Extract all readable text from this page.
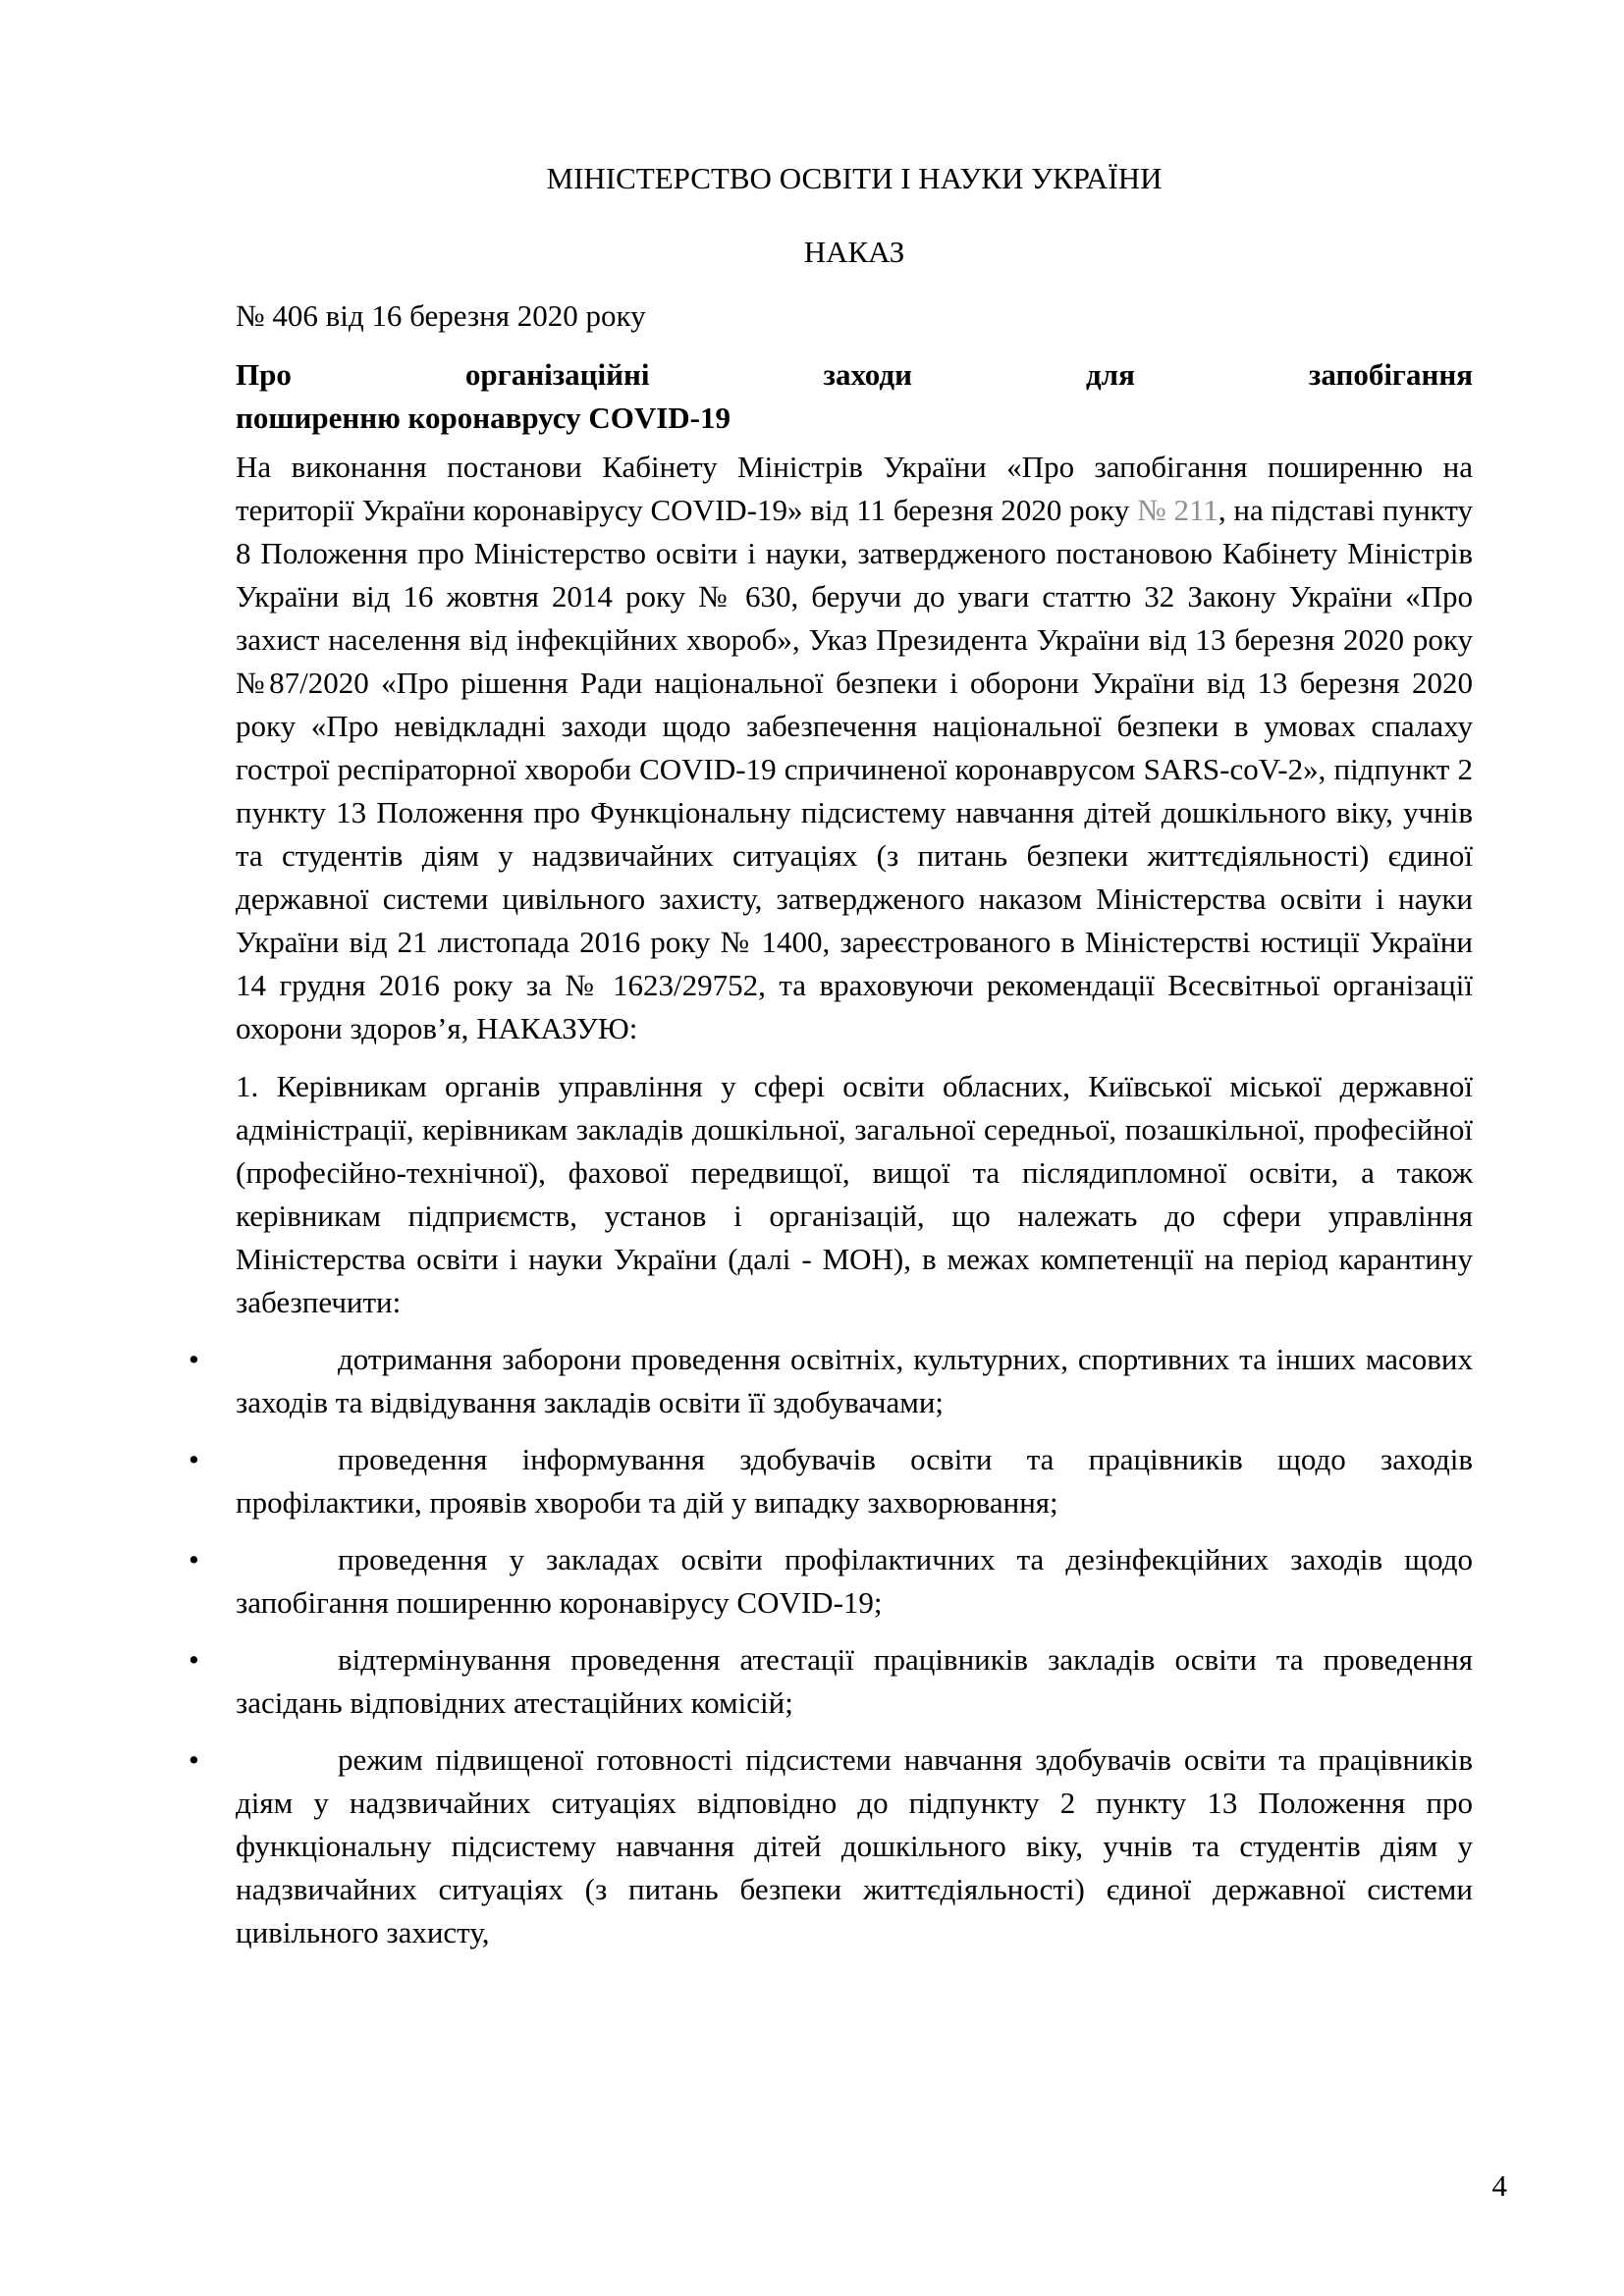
МІНІСТЕРСТВО ОСВІТИ І НАУКИ УКРАЇНИ
НАКАЗ
№ 406 від 16 березня 2020 року
Про організаційні заходи для запобігання
поширенню коронаврусу COVID-19

На виконання постанови Кабінету Міністрів України «Про запобігання поширенню на території України коронавірусу COVID-19» від 11 березня 2020 року № 211, на підставі пункту 8 Положення про Міністерство освіти і науки, затвердженого постановою Кабінету Міністрів України від 16 жовтня 2014 року № 630, беручи до уваги статтю 32 Закону України «Про захист населення від інфекційних хвороб», Указ Президента України від 13 березня 2020 року №87/2020 «Про рішення Ради національної безпеки і оборони України від 13 березня 2020 року «Про невідкладні заходи щодо забезпечення національної безпеки в умовах спалаху гострої респіраторної хвороби COVID-19 спричиненої коронаврусом SARS-coV-2», підпункт 2 пункту 13 Положення про Функціональну підсистему навчання дітей дошкільного віку, учнів та студентів діям у надзвичайних ситуаціях (з питань безпеки життєдіяльності) єдиної державної системи цивільного захисту, затвердженого наказом Міністерства освіти і науки України від 21 листопада 2016 року № 1400, зареєстрованого в Міністерстві юстиції України 14 грудня 2016 року за № 1623/29752, та враховуючи рекомендації Всесвітньої організації охорони здоров’я, НАКАЗУЮ:

1. Керівникам органів управління у сфері освіти обласних, Київської міської державної адміністрації, керівникам закладів дошкільної, загальної середньої, позашкільної, професійної (професійно-технічної), фахової передвищої, вищої та післядипломної освіти, а також керівникам підприємств, установ і організацій, що належать до сфери управління Міністерства освіти і науки України (далі - МОН), в межах компетенції на період карантину забезпечити:

• дотримання заборони проведення освітніх, культурних, спортивних та інших масових заходів та відвідування закладів освіти її здобувачами;
• проведення інформування здобувачів освіти та працівників щодо заходів профілактики, проявів хвороби та дій у випадку захворювання;
• проведення у закладах освіти профілактичних та дезінфекційних заходів щодо запобігання поширенню коронавірусу COVID-19;
• відтермінування проведення атестації працівників закладів освіти та проведення засідань відповідних атестаційних комісій;
• режим підвищеної готовності підсистеми навчання здобувачів освіти та працівників діям у надзвичайних ситуаціях відповідно до підпункту 2 пункту 13 Положення про функціональну підсистему навчання дітей дошкільного віку, учнів та студентів діям у надзвичайних ситуаціях (з питань безпеки життєдіяльності) єдиної державної системи цивільного захисту,
4
